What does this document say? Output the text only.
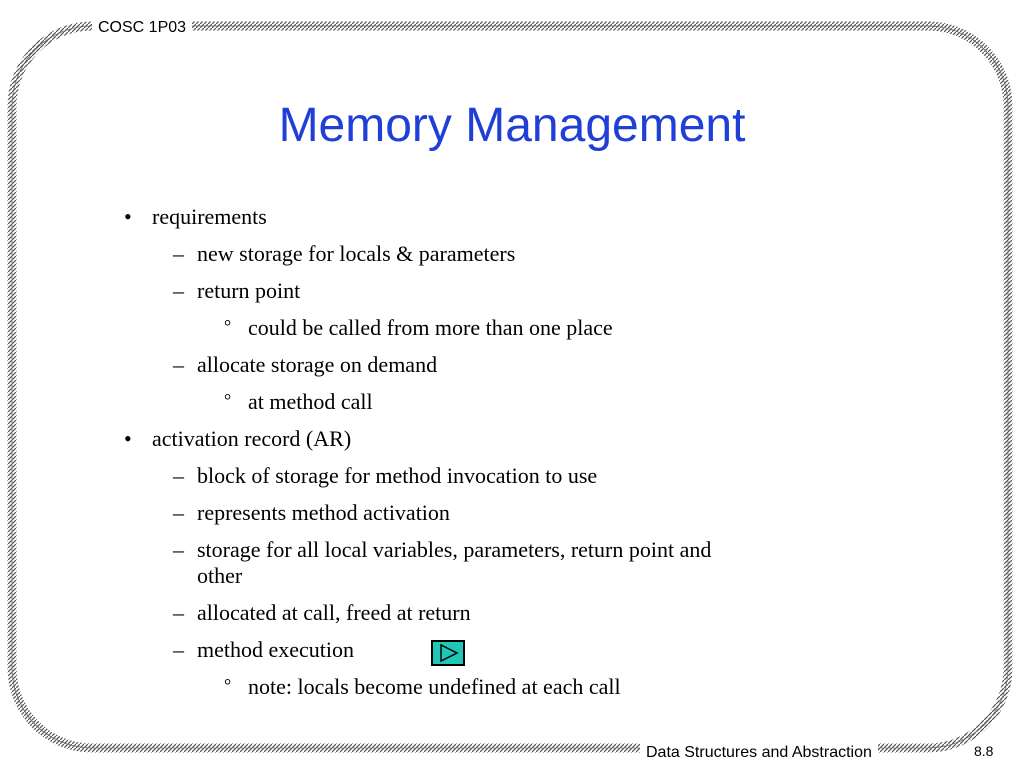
COSC 1P03
Memory Management
• requirements
– new storage for locals & parameters
– return point
° could be called from more than one place
– allocate storage on demand
° at method call
• activation record (AR)
– block of storage for method invocation to use
– represents method activation
– storage for all local variables, parameters, return point and
other
– allocated at call, freed at return
– method execution
° note: locals become undefined at each call
Data Structures and Abstraction	8.8
